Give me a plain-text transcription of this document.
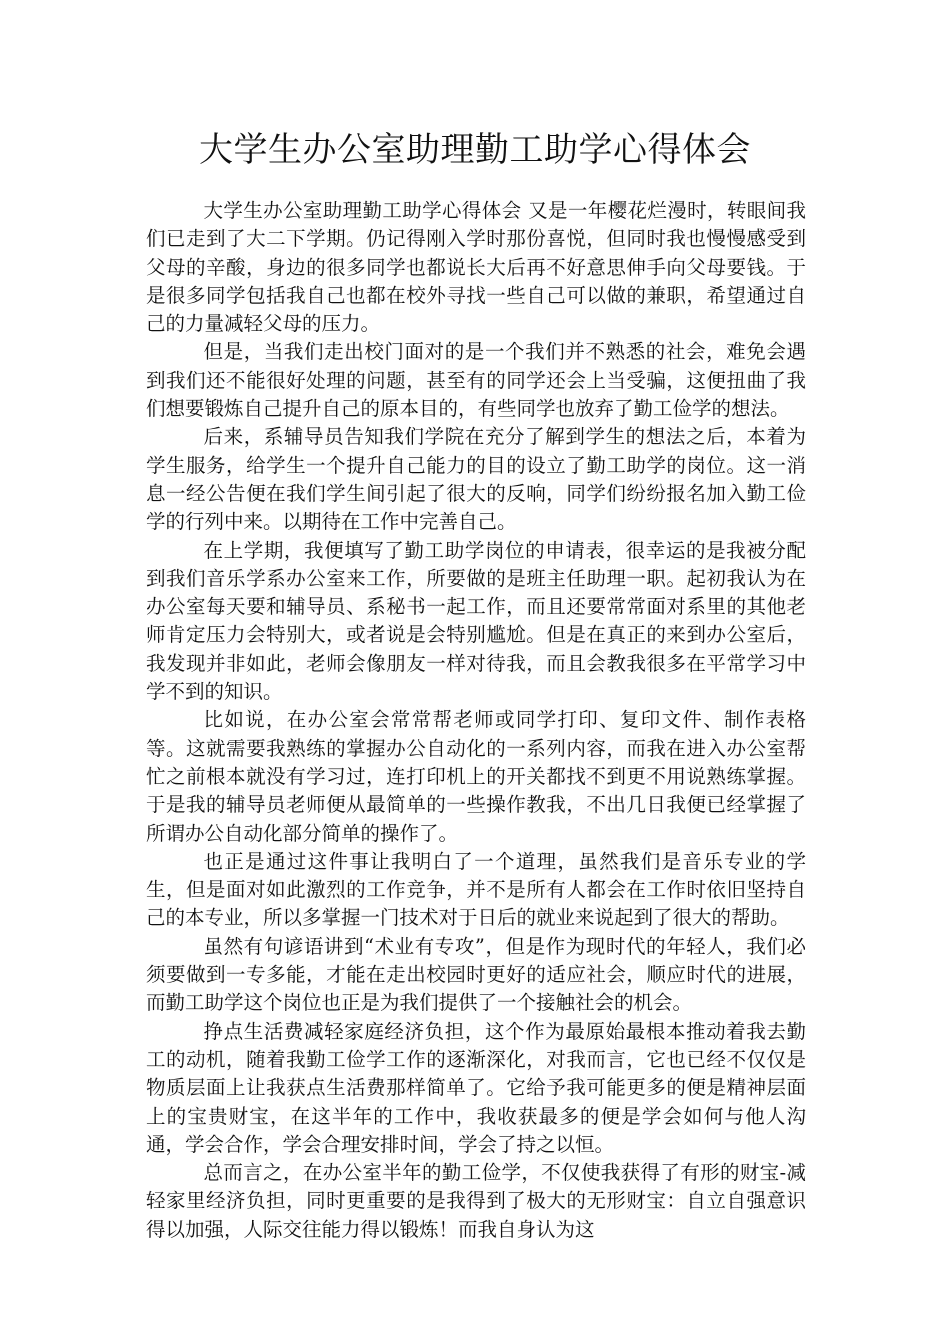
大学生办公室助理勤工助学心得体会

大学生办公室助理勤工助学心得体会 又是一年樱花烂漫时，转眼间我们已走到了大二下学期。仍记得刚入学时那份喜悦，但同时我也慢慢感受到父母的辛酸，身边的很多同学也都说长大后再不好意思伸手向父母要钱。于是很多同学包括我自己也都在校外寻找一些自己可以做的兼职，希望通过自己的力量减轻父母的压力。

但是，当我们走出校门面对的是一个我们并不熟悉的社会，难免会遇到我们还不能很好处理的问题，甚至有的同学还会上当受骗，这便扭曲了我们想要锻炼自己提升自己的原本目的，有些同学也放弃了勤工俭学的想法。

后来，系辅导员告知我们学院在充分了解到学生的想法之后，本着为学生服务，给学生一个提升自己能力的目的设立了勤工助学的岗位。这一消息一经公告便在我们学生间引起了很大的反响，同学们纷纷报名加入勤工俭学的行列中来。以期待在工作中完善自己。

在上学期，我便填写了勤工助学岗位的申请表，很幸运的是我被分配到我们音乐学系办公室来工作，所要做的是班主任助理一职。起初我认为在办公室每天要和辅导员、系秘书一起工作，而且还要常常面对系里的其他老师肯定压力会特别大，或者说是会特别尴尬。但是在真正的来到办公室后，我发现并非如此，老师会像朋友一样对待我，而且会教我很多在平常学习中学不到的知识。

比如说，在办公室会常常帮老师或同学打印、复印文件、制作表格等。这就需要我熟练的掌握办公自动化的一系列内容，而我在进入办公室帮忙之前根本就没有学习过，连打印机上的开关都找不到更不用说熟练掌握。于是我的辅导员老师便从最简单的一些操作教我，不出几日我便已经掌握了所谓办公自动化部分简单的操作了。

也正是通过这件事让我明白了一个道理，虽然我们是音乐专业的学生，但是面对如此激烈的工作竞争，并不是所有人都会在工作时依旧坚持自己的本专业，所以多掌握一门技术对于日后的就业来说起到了很大的帮助。

虽然有句谚语讲到“术业有专攻”，但是作为现时代的年轻人，我们必须要做到一专多能，才能在走出校园时更好的适应社会，顺应时代的进展，而勤工助学这个岗位也正是为我们提供了一个接触社会的机会。

挣点生活费减轻家庭经济负担，这个作为最原始最根本推动着我去勤工的动机，随着我勤工俭学工作的逐渐深化，对我而言，它也已经不仅仅是物质层面上让我获点生活费那样简单了。它给予我可能更多的便是精神层面上的宝贵财宝，在这半年的工作中，我收获最多的便是学会如何与他人沟通，学会合作，学会合理安排时间，学会了持之以恒。

总而言之，在办公室半年的勤工俭学，不仅使我获得了有形的财宝-减轻家里经济负担，同时更重要的是我得到了极大的无形财宝：自立自强意识得以加强，人际交往能力得以锻炼！而我自身认为这
